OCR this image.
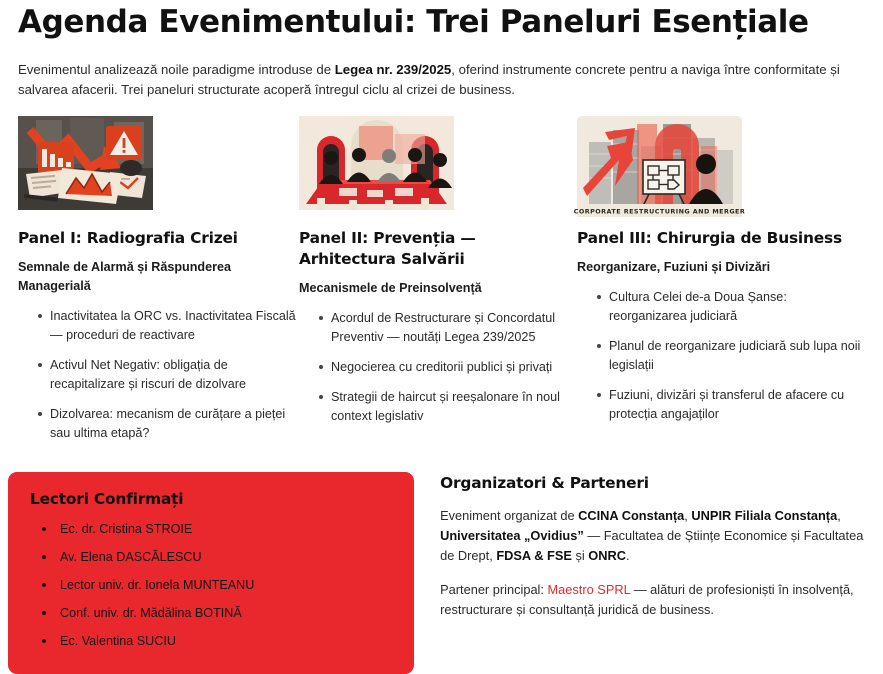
Agenda Evenimentului: Trei Paneluri Esențiale

Evenimentul analizează noile paradigme introduse de Legea nr. 239/2025, oferind instrumente concrete pentru a naviga între conformitate și salvarea afacerii. Trei paneluri structurate acoperă întregul ciclu al crizei de business.

Panel I: Radiografia Crizei

Semnale de Alarmă și Răspunderea Managerială

Inactivitatea la ORC vs. Inactivitatea Fiscală — proceduri de reactivare
Activul Net Negativ: obligația de recapitalizare și riscuri de dizolvare
Dizolvarea: mecanism de curățare a pieței sau ultima etapă?
Panel II: Prevenția — Arhitectura Salvării

Mecanismele de Preinsolvență

Acordul de Restructurare și Concordatul Preventiv — noutăți Legea 239/2025
Negocierea cu creditorii publici și privați
Strategii de haircut și reeșalonare în noul context legislativ
CORPORATE RESTRUCTURING AND MERGER
Panel III: Chirurgia de Business

Reorganizare, Fuziuni și Divizări

Cultura Celei de-a Doua Șanse: reorganizarea judiciară
Planul de reorganizare judiciară sub lupa noii legislații
Fuziuni, divizări și transferul de afacere cu protecția angajaților
Lectori Confirmați
Ec. dr. Cristina STROIE
Av. Elena DASCĂLESCU
Lector univ. dr. Ionela MUNTEANU
Conf. univ. dr. Mădălina BOTINĂ
Ec. Valentina SUCIU
Organizatori & Parteneri

Eveniment organizat de CCINA Constanța, UNPIR Filiala Constanța, Universitatea „Ovidius” — Facultatea de Științe Economice și Facultatea de Drept, FDSA & FSE și ONRC.

Partener principal: Maestro SPRL — alături de profesioniști în insolvență, restructurare și consultanță juridică de business.
